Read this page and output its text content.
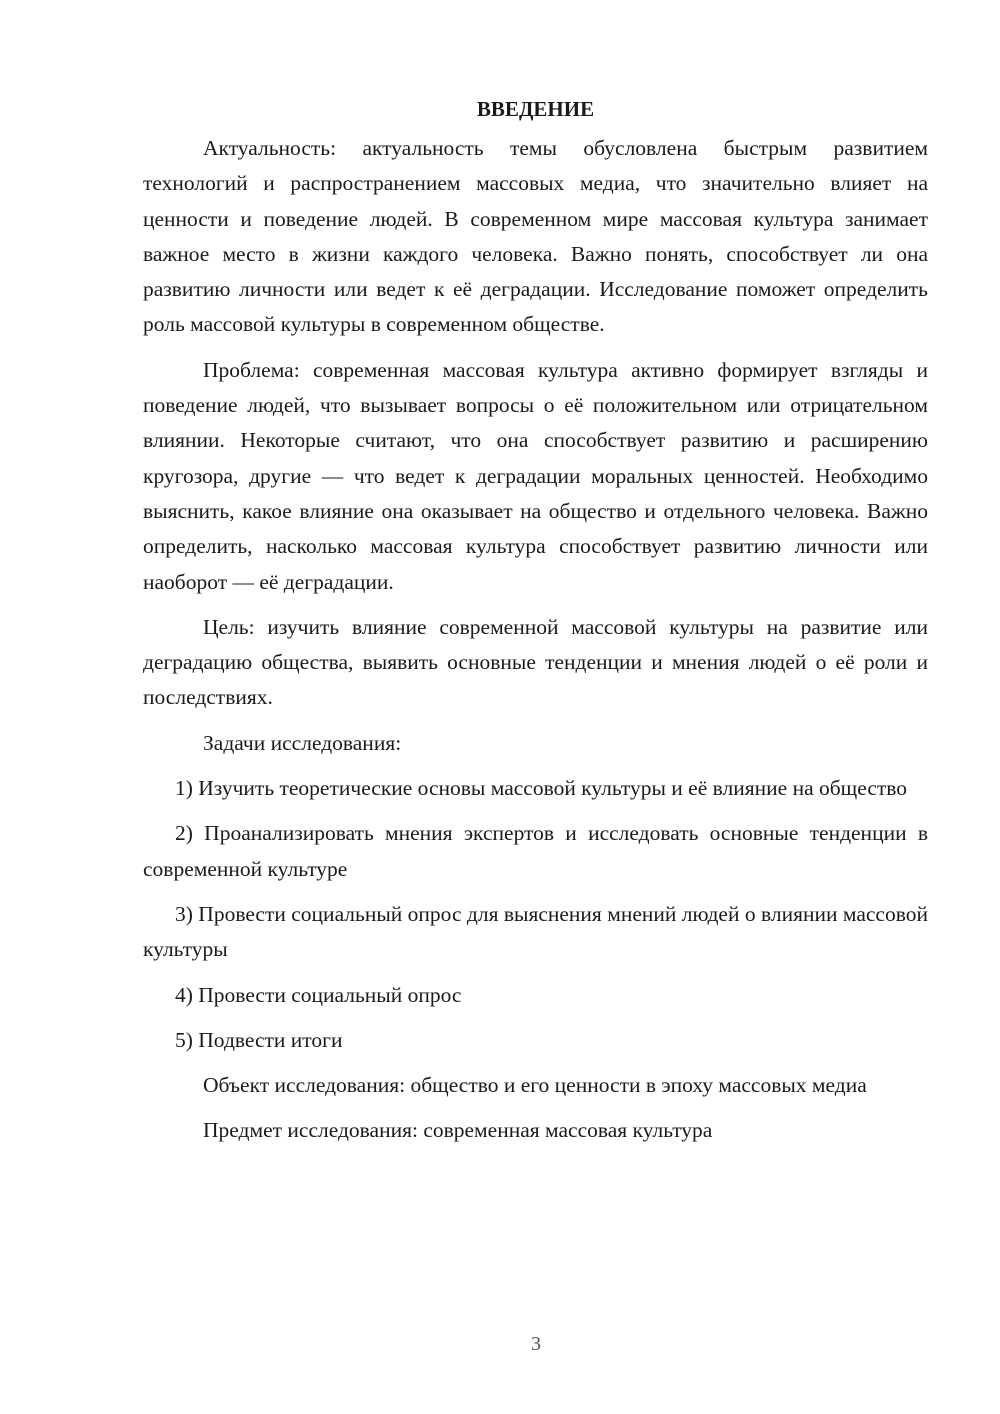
ВВЕДЕНИЕ

Актуальность: актуальность темы обусловлена быстрым развитием технологий и распространением массовых медиа, что значительно влияет на ценности и поведение людей. В современном мире массовая культура занимает важное место в жизни каждого человека. Важно понять, способствует ли она развитию личности или ведет к её деградации. Исследование поможет определить роль массовой культуры в современном обществе.

Проблема: современная массовая культура активно формирует взгляды и поведение людей, что вызывает вопросы о её положительном или отрицательном влиянии. Некоторые считают, что она способствует развитию и расширению кругозора, другие — что ведет к деградации моральных ценностей. Необходимо выяснить, какое влияние она оказывает на общество и отдельного человека. Важно определить, насколько массовая культура способствует развитию личности или наоборот — её деградации.

Цель: изучить влияние современной массовой культуры на развитие или деградацию общества, выявить основные тенденции и мнения людей о её роли и последствиях.

Задачи исследования:

1) Изучить теоретические основы массовой культуры и её влияние на общество

2) Проанализировать мнения экспертов и исследовать основные тенденции в современной культуре

3) Провести социальный опрос для выяснения мнений людей о влиянии массовой культуры

4) Провести социальный опрос

5) Подвести итоги

Объект исследования: общество и его ценности в эпоху массовых медиа

Предмет исследования: современная массовая культура

3
